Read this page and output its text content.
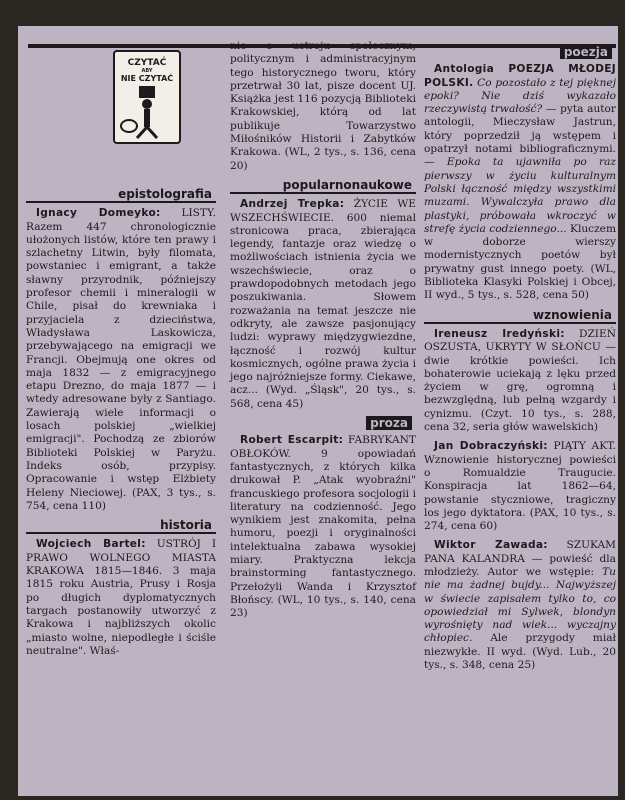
CZYTAĆ
ABY
NIE CZYTAĆ
epistolografia

Ignacy Domeyko: LISTY. Razem 447 chronologicznie ułożonych listów, które ten prawy i szlachetny Litwin, były filomata, powstaniec i emigrant, a także sławny przyrodnik, późniejszy profesor chemii i mineralogii w Chile, pisał do krewniaka i przyjaciela z dzieciństwa, Władysława Laskowicza, przebywającego na emigracji we Francji. Obejmują one okres od maja 1832 — z emigracyjnego etapu Drezno, do maja 1877 — i wtedy adresowane były z Santiago. Zawierają wiele informacji o losach polskiej „wielkiej emigracji". Pochodzą ze zbiorów Biblioteki Polskiej w Paryżu. Indeks osób, przypisy. Opracowanie i wstęp Elżbiety Heleny Nieciowej. (PAX, 3 tys., s. 754, cena 110)

historia

Wojciech Bartel: USTRÓJ I PRAWO WOLNEGO MIASTA KRAKOWA 1815—1846. 3 maja 1815 roku Austria, Prusy i Rosja po długich dyplomatycznych targach postanowiły utworzyć z Krakowa i najbliższych okolic „miasto wolne, niepodległe i ściśle neutralne". Właś-

nie o ustroju społecznym, politycznym i administracyjnym tego historycznego tworu, który przetrwał 30 lat, pisze docent UJ. Książka jest 116 pozycją Biblioteki Krakowskiej, którą od lat publikuje Towarzystwo Miłośników Historii i Zabytków Krakowa. (WL, 2 tys., s. 136, cena 20)

popularnonaukowe

Andrzej Trepka: ŻYCIE WE WSZECHŚWIECIE. 600 niemal stronicowa praca, zbierająca legendy, fantazje oraz wiedzę o możliwościach istnienia życia we wszechświecie, oraz o prawdopodobnych metodach jego poszukiwania. Słowem rozważania na temat jeszcze nie odkryty, ale zawsze pasjonujący ludzi: wyprawy międzygwiezdne, łączność i rozwój kultur kosmicznych, ogólne prawa życia i jego najróżniejsze formy. Ciekawe, acz... (Wyd. „Śląsk", 20 tys., s. 568, cena 45)

proza

Robert Escarpit: FABRYKANT OBŁOKÓW. 9 opowiadań fantastycznych, z których kilka drukował P. „Atak wyobraźni" francuskiego profesora socjologii i literatury na codzienność. Jego wynikiem jest znakomita, pełna humoru, poezji i oryginalności intelektualna zabawa wysokiej miary. Praktyczna lekcja brainstorming fantastycznego. Przełożyli Wanda i Krzysztof Błońscy. (WL, 10 tys., s. 140, cena 23)

poezja

Antologia POEZJA MŁODEJ POLSKI. Co pozostało z tej pięknej epoki? Nie dziś wykazało rzeczywistą trwałość? — pyta autor antologii, Mieczysław Jastrun, który poprzedził ją wstępem i opatrzył notami bibliograficznymi. — Epoka ta ujawniła po raz pierwszy w życiu kulturalnym Polski łączność między wszystkimi muzami. Wywalczyła prawo dla plastyki, próbowała wkroczyć w strefę życia codziennego... Kluczem w doborze wierszy modernistycznych poetów był prywatny gust innego poety. (WL, Biblioteka Klasyki Polskiej i Obcej, II wyd., 5 tys., s. 528, cena 50)

wznowienia

Ireneusz Iredyński: DZIEŃ OSZUSTA, UKRYTY W SŁOŃCU — dwie krótkie powieści. Ich bohaterowie uciekają z lęku przed życiem w grę, ogromną i bezwzględną, lub pełną wzgardy i cynizmu. (Czyt. 10 tys., s. 288, cena 32, seria głów wawelskich)

Jan Dobraczyński: PIĄTY AKT. Wznowienie historycznej powieści o Romualdzie Traugucie. Konspiracja lat 1862—64, powstanie styczniowe, tragiczny los jego dyktatora. (PAX, 10 tys., s. 274, cena 60)

Wiktor Zawada: SZUKAM PANA KALANDRA — powieść dla młodzieży. Autor we wstępie: Tu nie ma żadnej bujdy... Najwyższej w świecie zapisałem tylko to, co opowiedział mi Sylwek, blondyn wyrośnięty nad wiek... wyczajny chłopiec. Ale przygody miał niezwykłe. II wyd. (Wyd. Lub., 20 tys., s. 348, cena 25)
